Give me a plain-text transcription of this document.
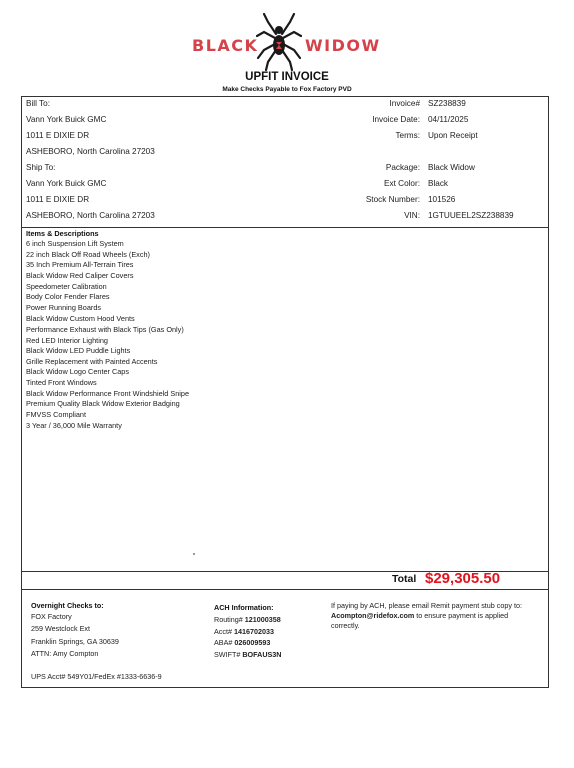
BLACK	WIDOW
UPFIT INVOICE
Make Checks Payable to Fox Factory PVD
Bill To:
Vann York Buick GMC
1011 E DIXIE DR
ASHEBORO, North Carolina 27203
Ship To:
Vann York Buick GMC
1011 E DIXIE DR
ASHEBORO, North Carolina 27203
Invoice# SZ238839
Invoice Date: 04/11/2025
Terms: Upon Receipt
Package: Black Widow
Ext Color: Black
Stock Number: 101526
VIN: 1GTUUEEL2SZ238839
Items & Descriptions
6 inch Suspension Lift System
22 inch Black Off Road Wheels (Exch)
35 Inch Premium All-Terrain Tires
Black Widow Red Caliper Covers
Speedometer Calibration
Body Color Fender Flares
Power Running Boards
Black Widow Custom Hood Vents
Performance Exhaust with Black Tips (Gas Only)
Red LED Interior Lighting
Black Widow LED Puddle Lights
Grille Replacement with Painted Accents
Black Widow Logo Center Caps
Tinted Front Windows
Black Widow Performance Front Windshield Snipe
Premium Quality Black Widow Exterior Badging
FMVSS Compliant
3 Year / 36,000 Mile Warranty
Total $29,305.50
Overnight Checks to:
FOX Factory
259 Westclock Ext
Franklin Springs, GA 30639
ATTN: Amy Compton
ACH Information:
Routing# 121000358
Acct# 1416702033
ABA# 026009593
SWIFT# BOFAUS3N
If paying by ACH, please email Remit payment stub copy to:
Acompton@ridefox.com to ensure payment is applied
correctly.
UPS Acct# 549Y01/FedEx #1333-6636-9
